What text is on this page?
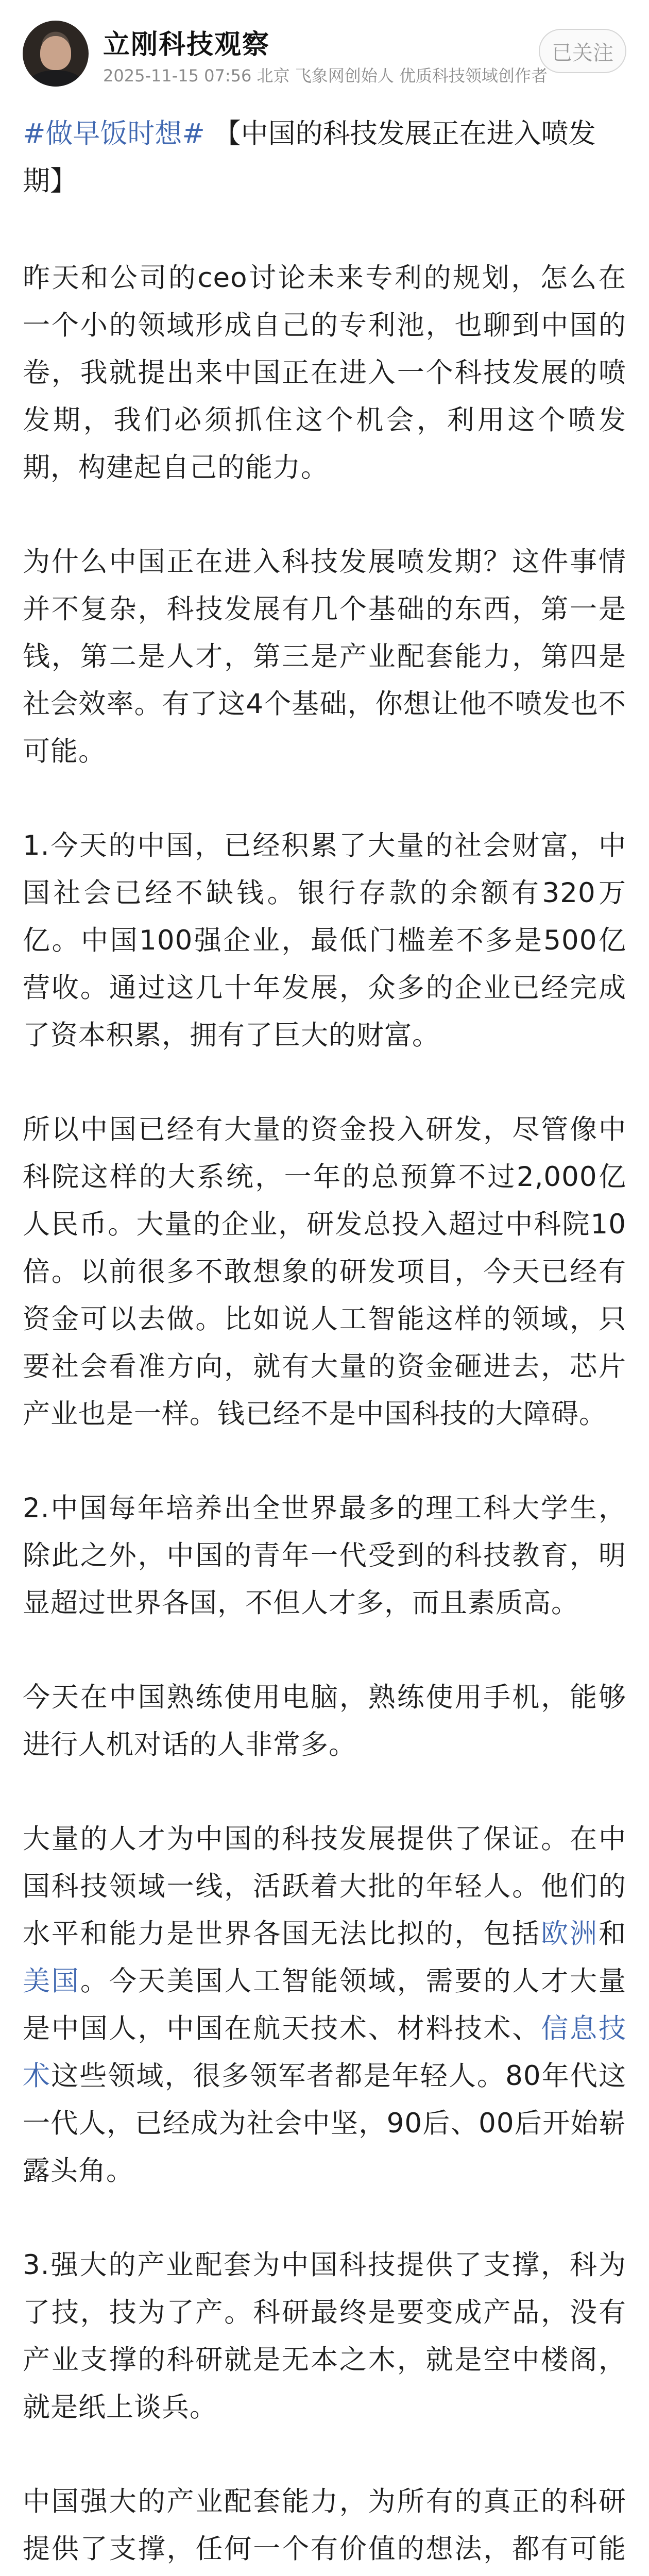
立刚科技观察
2025-11-15 07:56 北京 飞象网创始人 优质科技领域创作者
已关注
#做早饭时想# 【中国的科技发展正在进入喷发期】

昨天和公司的ceo讨论未来专利的规划，怎么在一个小的领域形成自己的专利池，也聊到中国的卷，我就提出来中国正在进入一个科技发展的喷发期，我们必须抓住这个机会，利用这个喷发期，构建起自己的能力。

为什么中国正在进入科技发展喷发期？这件事情并不复杂，科技发展有几个基础的东西，第一是钱，第二是人才，第三是产业配套能力，第四是社会效率。有了这4个基础，你想让他不喷发也不可能。

1.今天的中国，已经积累了大量的社会财富，中国社会已经不缺钱。银行存款的余额有320万亿。中国100强企业，最低门槛差不多是500亿营收。通过这几十年发展，众多的企业已经完成了资本积累，拥有了巨大的财富。

所以中国已经有大量的资金投入研发，尽管像中科院这样的大系统，一年的总预算不过2,000亿人民币。大量的企业，研发总投入超过中科院10倍。以前很多不敢想象的研发项目，今天已经有资金可以去做。比如说人工智能这样的领域，只要社会看准方向，就有大量的资金砸进去，芯片产业也是一样。钱已经不是中国科技的大障碍。

2.中国每年培养出全世界最多的理工科大学生，除此之外，中国的青年一代受到的科技教育，明显超过世界各国，不但人才多，而且素质高。

今天在中国熟练使用电脑，熟练使用手机，能够进行人机对话的人非常多。

大量的人才为中国的科技发展提供了保证。在中国科技领域一线，活跃着大批的年轻人。他们的水平和能力是世界各国无法比拟的，包括欧洲和美国。今天美国人工智能领域，需要的人才大量是中国人，中国在航天技术、材料技术、信息技术这些领域，很多领军者都是年轻人。80年代这一代人，已经成为社会中坚，90后、00后开始崭露头角。

3.强大的产业配套为中国科技提供了支撑，科为了技，技为了产。科研最终是要变成产品，没有产业支撑的科研就是无本之木，就是空中楼阁，就是纸上谈兵。

中国强大的产业配套能力，为所有的真正的科研提供了支撑，任何一个有价值的想法，都有可能
